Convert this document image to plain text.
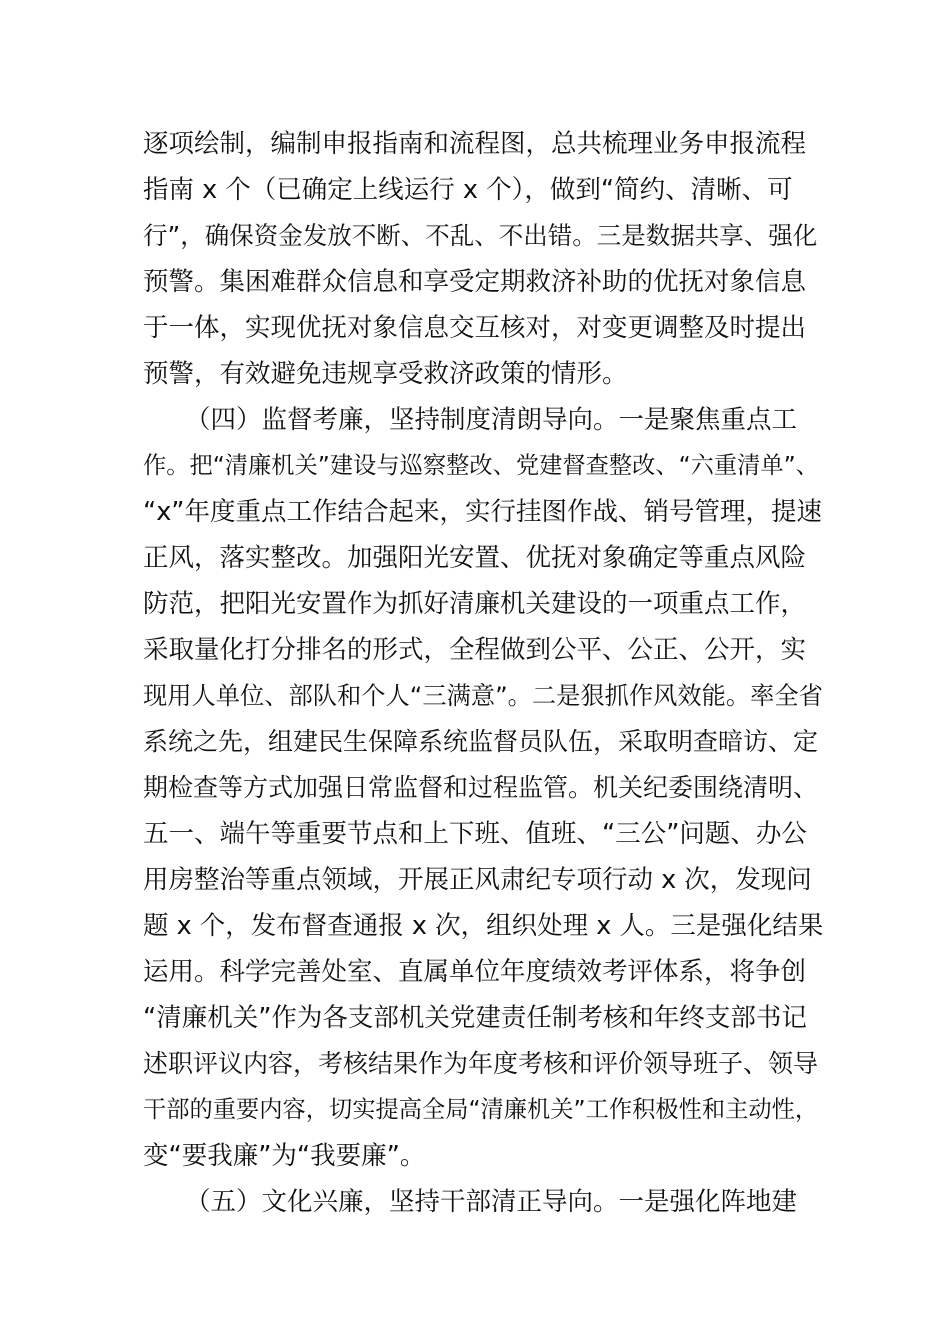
逐项绘制，编制申报指南和流程图，总共梳理业务申报流程
指南 x 个（已确定上线运行 x 个），做到“简约、清晰、可
行”，确保资金发放不断、不乱、不出错。三是数据共享、强化
预警。集困难群众信息和享受定期救济补助的优抚对象信息
于一体，实现优抚对象信息交互核对，对变更调整及时提出
预警，有效避免违规享受救济政策的情形。
（四）监督考廉，坚持制度清朗导向。一是聚焦重点工
作。把“清廉机关”建设与巡察整改、党建督查整改、“六重清单”、
“x”年度重点工作结合起来，实行挂图作战、销号管理，提速
正风，落实整改。加强阳光安置、优抚对象确定等重点风险
防范，把阳光安置作为抓好清廉机关建设的一项重点工作，
采取量化打分排名的形式，全程做到公平、公正、公开，实
现用人单位、部队和个人“三满意”。二是狠抓作风效能。率全省
系统之先，组建民生保障系统监督员队伍，采取明查暗访、定
期检查等方式加强日常监督和过程监管。机关纪委围绕清明、
五一、端午等重要节点和上下班、值班、“三公”问题、办公
用房整治等重点领域，开展正风肃纪专项行动 x 次，发现问
题 x 个，发布督查通报 x 次，组织处理 x 人。三是强化结果
运用。科学完善处室、直属单位年度绩效考评体系，将争创
“清廉机关”作为各支部机关党建责任制考核和年终支部书记
述职评议内容，考核结果作为年度考核和评价领导班子、领导
干部的重要内容，切实提高全局“清廉机关”工作积极性和主动性，
变“要我廉”为“我要廉”。
（五）文化兴廉，坚持干部清正导向。一是强化阵地建
